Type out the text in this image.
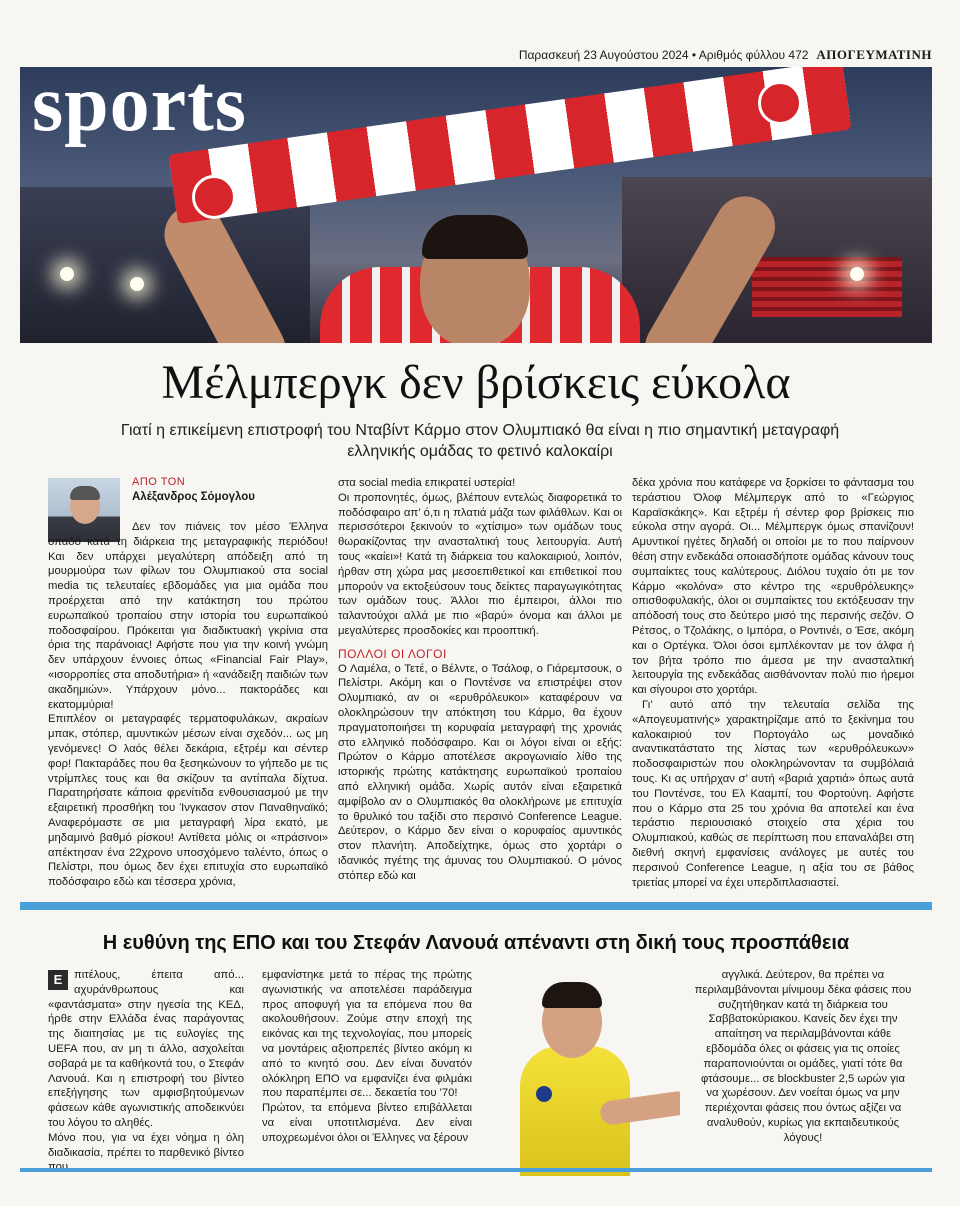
Παρασκευή 23 Αυγούστου 2024 • Αριθμός φύλλου 472 ΑΠΟΓΕΥΜΑΤΙΝΗ
sports
Μέλμπεργκ δεν βρίσκεις εύκολα
Γιατί η επικείμενη επιστροφή του Νταβίντ Κάρμο στον Ολυμπιακό θα είναι η πιο σημαντική μεταγραφή ελληνικής ομάδας το φετινό καλοκαίρι
ΑΠΟ ΤΟΝ
Αλέξανδρος Σόμογλου

Δεν τον πιάνεις τον μέσο Έλληνα οπαδό κατά τη διάρκεια της μεταγραφικής περιόδου! Και δεν υπάρχει μεγαλύτερη απόδειξη από τη μουρμούρα των φίλων του Ολυμπιακού στα social media τις τελευταίες εβδομάδες για μια ομάδα που προέρχεται από την κατάκτηση του πρώτου ευρωπαϊκού τροπαίου στην ιστορία του ευρωπαϊκού ποδοσφαίρου. Πρόκειται για διαδικτυακή γκρίνια στα όρια της παράνοιας! Αφήστε που για την κοινή γνώμη δεν υπάρχουν έννοιες όπως «Financial Fair Play», «ισορροπίες στα αποδυτήρια» ή «ανάδειξη παιδιών των ακαδημιών». Υπάρχουν μόνο... πακτοράδες και εκατομμύρια!

Επιπλέον οι μεταγραφές τερματοφυλάκων, ακραίων μπακ, στόπερ, αμυντικών μέσων είναι σχεδόν... ως μη γενόμενες! Ο λαός θέλει δεκάρια, εξτρέμ και σέντερ φορ! Πακταράδες που θα ξεσηκώνουν το γήπεδο με τις ντρίμπλες τους και θα σκίζουν τα αντίπαλα δίχτυα. Παρατηρήσατε κάποια φρενίτιδα ενθουσιασμού με την εξαιρετική προσθήκη του Ίνγκασον στον Παναθηναϊκό; Αναφερόμαστε σε μια μεταγραφή λίρα εκατό, με μηδαμινό βαθμό ρίσκου! Αντίθετα μόλις οι «πράσινοι» απέκτησαν ένα 22χρονο υποσχόμενο ταλέντο, όπως ο Πελίστρι, που όμως δεν έχει επιτυχία στο ευρωπαϊκό ποδόσφαιρο εδώ και τέσσερα χρόνια,

στα social media επικρατεί υστερία!

Οι προπονητές, όμως, βλέπουν εντελώς διαφορετικά το ποδόσφαιρο απ’ ό,τι η πλατιά μάζα των φιλάθλων. Και οι περισσότεροι ξεκινούν το «χτίσιμο» των ομάδων τους θωρακίζοντας την ανασταλτική τους λειτουργία. Αυτή τους «καίει»! Κατά τη διάρκεια του καλοκαιριού, λοιπόν, ήρθαν στη χώρα μας μεσοεπιθετικοί και επιθετικοί που μπορούν να εκτοξεύσουν τους δείκτες παραγωγικότητας των ομάδων τους. Άλλοι πιο έμπειροι, άλλοι πιο ταλαντούχοι αλλά με πιο «βαρύ» όνομα και άλλοι με μεγαλύτερες προσδοκίες και προοπτική.

ΠΟΛΛΟΙ ΟΙ ΛΟΓΟΙ

Ο Λαμέλα, ο Τετέ, ο Βέλντε, ο Τσάλοφ, ο Γιάρεμτσουκ, ο Πελίστρι. Ακόμη και ο Ποντένσε να επιστρέψει στον Ολυμπιακό, αν οι «ερυθρόλευκοι» καταφέρουν να ολοκληρώσουν την απόκτηση του Κάρμο, θα έχουν πραγματοποιήσει τη κορυφαία μεταγραφή της χρονιάς στο ελληνικό ποδόσφαιρο. Και οι λόγοι είναι οι εξής: Πρώτον ο Κάρμο αποτέλεσε ακρογωνιαίο λίθο της ιστορικής πρώτης κατάκτησης ευρωπαϊκού τροπαίου από ελληνική ομάδα. Χωρίς αυτόν είναι εξαιρετικά αμφίβολο αν ο Ολυμπιακός θα ολοκλήρωνε με επιτυχία το θρυλικό του ταξίδι στο περσινό Conference League. Δεύτερον, ο Κάρμο δεν είναι ο κορυφαίος αμυντικός στον πλανήτη. Αποδείχτηκε, όμως στο χορτάρι ο ιδανικός πγέτης της άμυνας του Ολυμπιακού. Ο μόνος στόπερ εδώ και

δέκα χρόνια που κατάφερε να ξορκίσει το φάντασμα του τεράστιου Όλοφ Μέλμπεργκ από το «Γεώργιος Καραϊσκάκης». Και εξτρέμ ή σέντερ φορ βρίσκεις πιο εύκολα στην αγορά. Οι... Μέλμπεργκ όμως σπανίζουν! Αμυντικοί ηγέτες δηλαδή οι οποίοι με το που παίρνουν θέση στην ενδεκάδα οποιασδήποτε ομάδας κάνουν τους συμπαίκτες τους καλύτερους. Διόλου τυχαίο ότι με τον Κάρμο «κολόνα» στο κέντρο της «ερυθρόλευκης» οπισθοφυλακής, όλοι οι συμπαίκτες του εκτόξευσαν την απόδοσή τους στο δεύτερο μισό της περσινής σεζόν. Ο Ρέτσος, ο Τζολάκης, ο Ιμπόρα, ο Ροντινέι, ο Έσε, ακόμη και ο Ορτέγκα. Όλοι όσοι εμπλέκονταν με τον άλφα ή τον βήτα τρόπο πιο άμεσα με την ανασταλτική λειτουργία της ενδεκάδας αισθάνονταν πολύ πιο ήρεμοι και σίγουροι στο χορτάρι.

Γι’ αυτό από την τελευταία σελίδα της «Απογευματινής» χαρακτηρίζαμε από το ξεκίνημα του καλοκαιριού τον Πορτογάλο ως μοναδικό αναντικατάστατο της λίστας των «ερυθρόλευκων» ποδοσφαιριστών που ολοκληρώνονταν τα συμβόλαιά τους. Κι ας υπήρχαν σ’ αυτή «βαριά χαρτιά» όπως αυτά του Ποντένσε, του Ελ Κααμπί, του Φορτούνη. Αφήστε που ο Κάρμο στα 25 του χρόνια θα αποτελεί και ένα τεράστιο περιουσιακό στοιχείο στα χέρια του Ολυμπιακού, καθώς σε περίπτωση που επαναλάβει στη διεθνή σκηνή εμφανίσεις ανάλογες με αυτές του περσινού Conference League, η αξία του σε βάθος τριετίας μπορεί να έχει υπερδιπλασιαστεί.

Η ευθύνη της ΕΠΟ και του Στεφάν Λανουά απέναντι στη δική τους προσπάθεια

Ε	πιτέλους, έπειτα από... αχυράνθρωπους και «φαντάσματα» στην ηγεσία της ΚΕΔ, ήρθε στην Ελλάδα ένας παράγοντας της διαιτησίας με τις ευλογίες της UEFA που, αν μη τι άλλο, ασχολείται σοβαρά με τα καθήκοντά του, ο Στεφάν Λανουά. Και η επιστροφή του βίντεο επεξήγησης των αμφισβητούμενων φάσεων κάθε αγωνιστικής αποδεικνύει του λόγου το αληθές.

Μόνο που, για να έχει νόημα η όλη διαδικασία, πρέπει το παρθενικό βίντεο

εμφανίστηκε μετά το πέρας της πρώτης αγωνιστικής να αποτελέσει παράδειγμα προς αποφυγή για τα επόμενα που θα ακολουθήσουν. Ζούμε στην εποχή της εικόνας και της τεχνολογίας, που μπορείς να μοντάρεις αξιοπρεπές βίντεο ακόμη κι από το κινητό σου. Δεν είναι δυνατόν ολόκληρη ΕΠΟ να εμφανίζει ένα φιλμάκι που παραπέμπει σε... δεκαετία του '70!

Πρώτον, τα επόμενα βίντεο επιβάλλεται να είναι υποτιτλισμένα. Δεν είναι υποχρεωμένοι όλοι οι Έλληνες να ξέρουν

αγγλικά. Δεύτερον, θα πρέπει να περιλαμβάνονται μίνιμουμ δέκα φάσεις που συζητήθηκαν κατά τη διάρκεια του Σαββατοκύριακου. Κανείς δεν έχει την απαίτηση να περιλαμβάνονται κάθε εβδομάδα όλες οι φάσεις για τις οποίες παραπονιούνται οι ομάδες, γιατί τότε θα φτάσουμε... σε blockbuster 2,5 ωρών για να χωρέσουν. Δεν νοείται όμως να μην περιέχονται φάσεις που όντως αξίζει να αναλυθούν, κυρίως για εκπαιδευτικούς λόγους!
